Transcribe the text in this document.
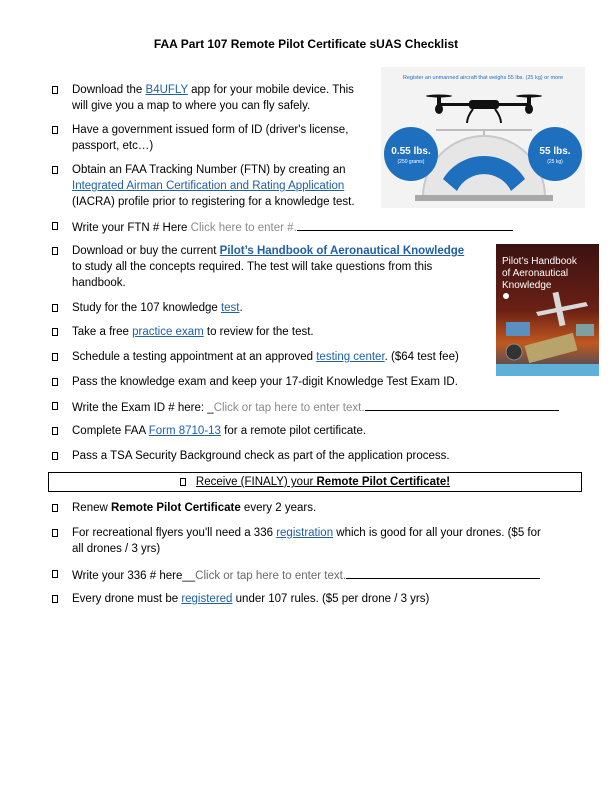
FAA Part 107 Remote Pilot Certificate sUAS Checklist
Download the B4UFLY app for your mobile device. This
will give you a map to where you can fly safely.
Have a government issued form of ID (driver's license,
passport, etc…)
Obtain an FAA Tracking Number (FTN) by creating an
Integrated Airman Certification and Rating Application
(IACRA) profile prior to registering for a knowledge test.
Write your FTN # Here Click here to enter #.
Download or buy the current Pilot’s Handbook of Aeronautical Knowledge
to study all the concepts required. The test will take questions from this
handbook.
Study for the 107 knowledge test.
Take a free practice exam to review for the test.
Schedule a testing appointment at an approved testing center. ($64 test fee)
Pass the knowledge exam and keep your 17-digit Knowledge Test Exam ID.
Write the Exam ID # here: _Click or tap here to enter text.
Complete FAA Form 8710-13 for a remote pilot certificate.
Pass a TSA Security Background check as part of the application process.
Receive (FINALY) your Remote Pilot Certificate!
Renew Remote Pilot Certificate every 2 years.
For recreational flyers you'll need a 336 registration which is good for all your drones. ($5 for
all drones / 3 yrs)
Write your 336 # here__Click or tap here to enter text.
Every drone must be registered under 107 rules. ($5 per drone / 3 yrs)
Register an unmanned aircraft that weighs 55 lbs. (25 kg) or more
0.55 lbs.
(250 grams)
55 lbs.
(25 kg)
Pilot’s Handbook
of Aeronautical
Knowledge
